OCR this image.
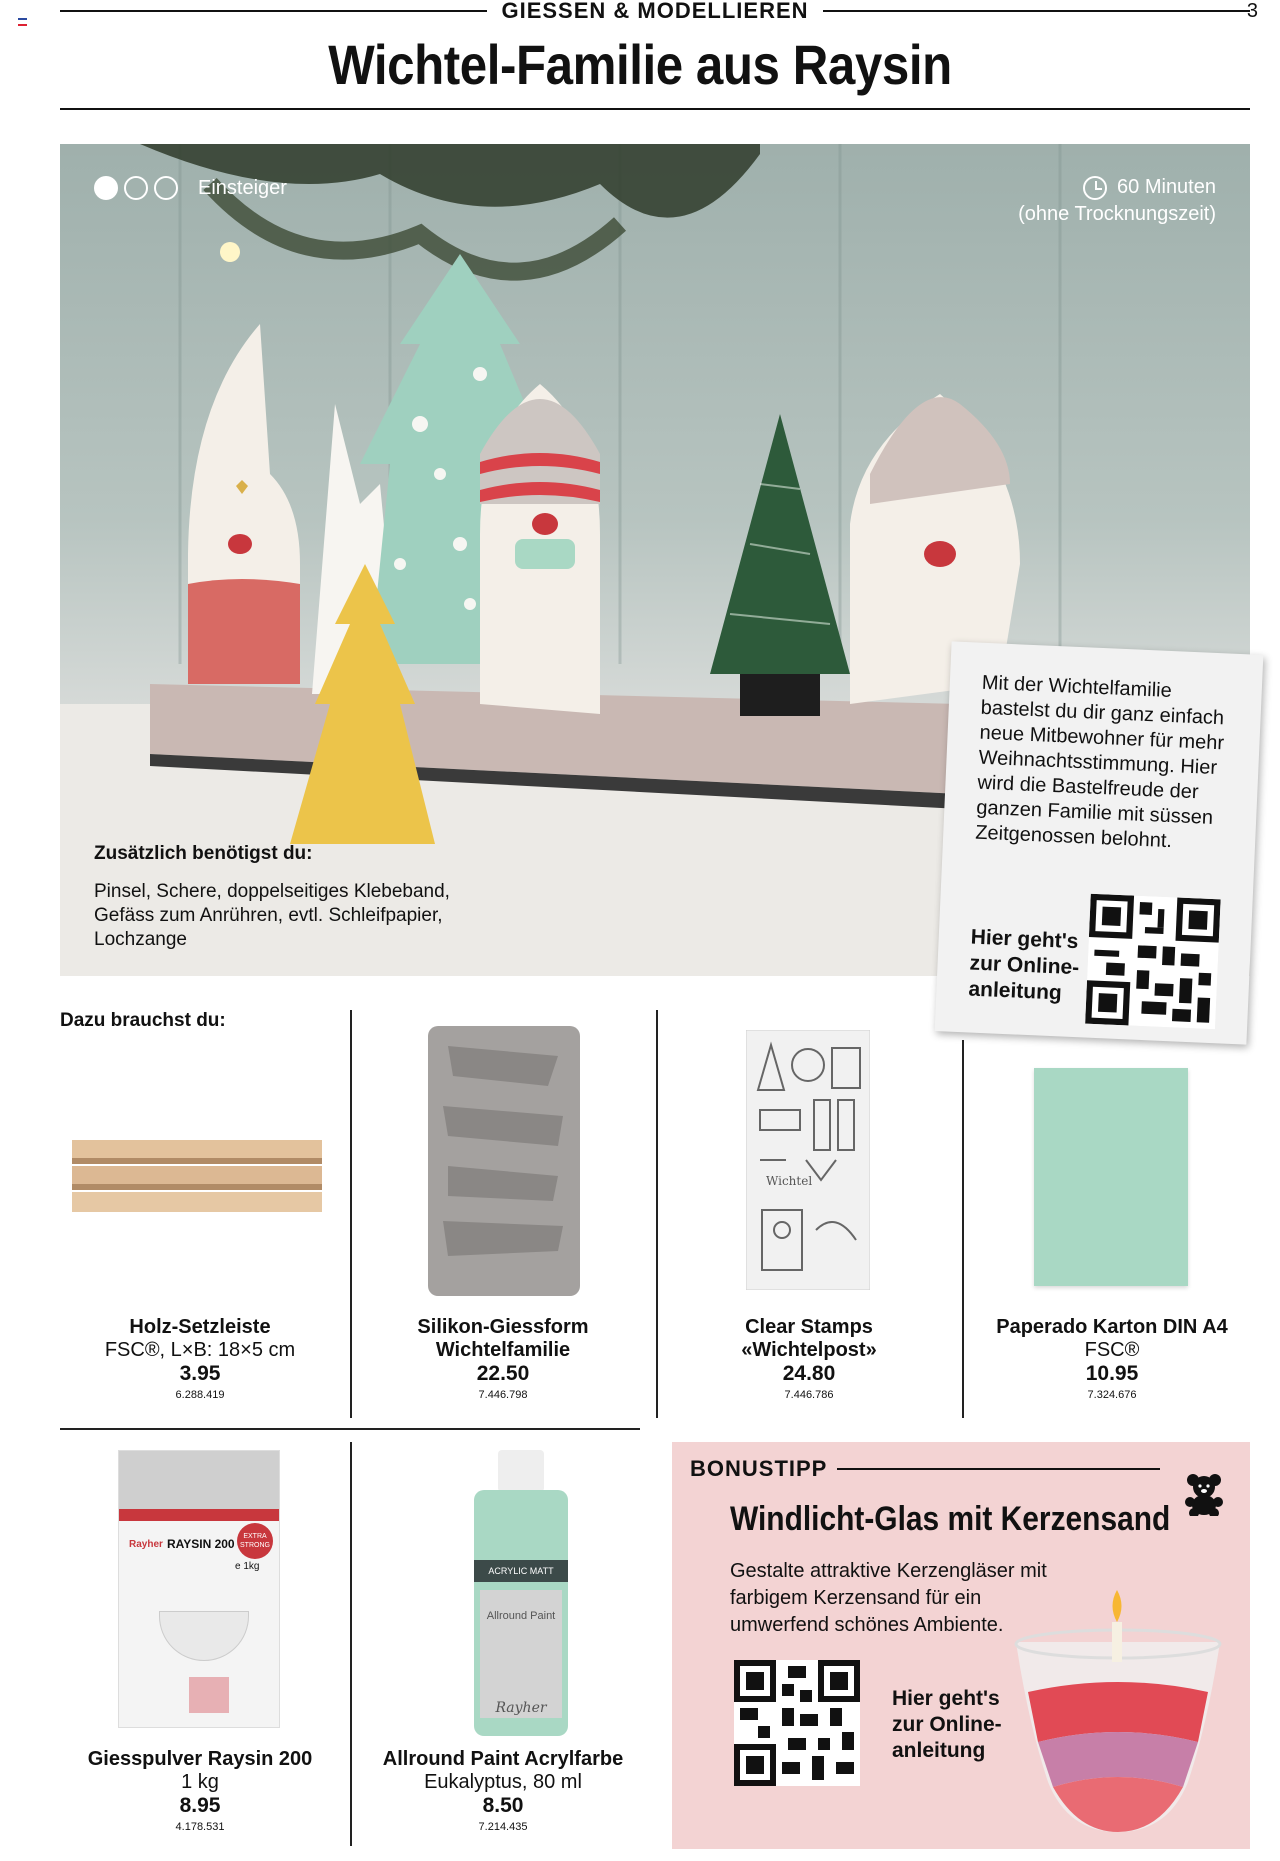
GIESSEN & MODELLIEREN	3
Wichtel-Familie aus Raysin
Einsteiger	60 Minuten
(ohne Trocknungszeit)
Zusätzlich benötigst du:
Pinsel, Schere, doppelseitiges Klebeband, Gefäss zum Anrühren, evtl. Schleifpapier, Lochzange
Mit der Wichtelfamilie bastelst du dir ganz einfach neue Mitbewohner für mehr Weihnachtsstimmung. Hier wird die Bastelfreude der ganzen Familie mit süssen Zeitgenossen belohnt.
Hier geht's
zur Online-
anleitung
Dazu brauchst du:
Wichtel
Holz-Setzleiste
FSC®, L×B: 18×5 cm
3.95
6.288.419
Silikon-Giessform
Wichtelfamilie
22.50
7.446.798
Clear Stamps
«Wichtelpost»
24.80
7.446.786
Paperado Karton DIN A4
FSC®
10.95
7.324.676
Rayher RAYSIN 200
EXTRA STRONG
e 1kg	ACRYLIC MATT
Allround Paint
Rayher
Giesspulver Raysin 200
1 kg
8.95
4.178.531
Allround Paint Acrylfarbe
Eukalyptus, 80 ml
8.50
7.214.435
BONUSTIPP
Windlicht-Glas mit Kerzensand
Gestalte attraktive Kerzengläser mit farbigem Kerzensand für ein umwerfend schönes Ambiente.
Hier geht's
zur Online-
anleitung
